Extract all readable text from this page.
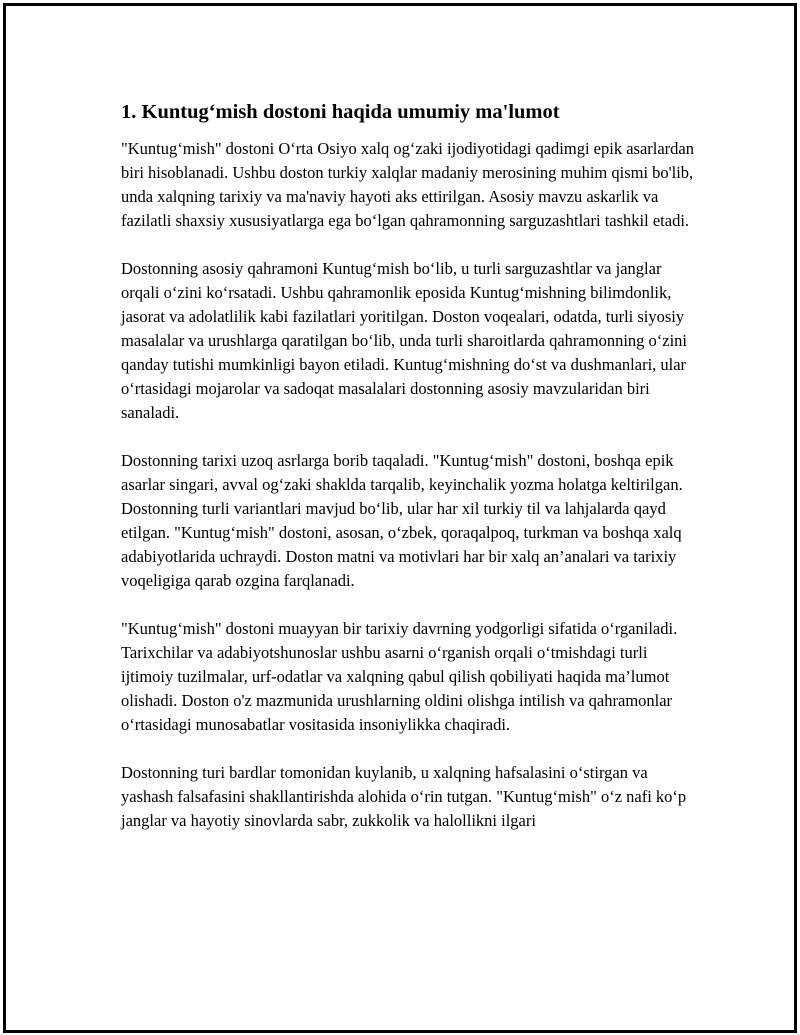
1. Kuntug‘mish dostoni haqida umumiy ma'lumot

"Kuntug‘mish" dostoni O‘rta Osiyo xalq og‘zaki ijodiyotidagi qadimgi epik asarlardan biri hisoblanadi. Ushbu doston turkiy xalqlar madaniy merosining muhim qismi bo'lib, unda xalqning tarixiy va ma'naviy hayoti aks ettirilgan. Asosiy mavzu askarlik va fazilatli shaxsiy xususiyatlarga ega bo‘lgan qahramonning sarguzashtlari tashkil etadi.

Dostonning asosiy qahramoni Kuntug‘mish bo‘lib, u turli sarguzashtlar va janglar orqali o‘zini ko‘rsatadi. Ushbu qahramonlik eposida Kuntug‘mishning bilimdonlik, jasorat va adolatlilik kabi fazilatlari yoritilgan. Doston voqealari, odatda, turli siyosiy masalalar va urushlarga qaratilgan bo‘lib, unda turli sharoitlarda qahramonning o‘zini qanday tutishi mumkinligi bayon etiladi. Kuntug‘mishning do‘st va dushmanlari, ular o‘rtasidagi mojarolar va sadoqat masalalari dostonning asosiy mavzularidan biri sanaladi.

Dostonning tarixi uzoq asrlarga borib taqaladi. "Kuntug‘mish" dostoni, boshqa epik asarlar singari, avval og‘zaki shaklda tarqalib, keyinchalik yozma holatga keltirilgan. Dostonning turli variantlari mavjud bo‘lib, ular har xil turkiy til va lahjalarda qayd etilgan. "Kuntug‘mish" dostoni, asosan, o‘zbek, qoraqalpoq, turkman va boshqa xalq adabiyotlarida uchraydi. Doston matni va motivlari har bir xalq an’analari va tarixiy voqeligiga qarab ozgina farqlanadi.

"Kuntug‘mish" dostoni muayyan bir tarixiy davrning yodgorligi sifatida o‘rganiladi. Tarixchilar va adabiyotshunoslar ushbu asarni o‘rganish orqali o‘tmishdagi turli ijtimoiy tuzilmalar, urf-odatlar va xalqning qabul qilish qobiliyati haqida ma’lumot olishadi. Doston o'z mazmunida urushlarning oldini olishga intilish va qahramonlar o‘rtasidagi munosabatlar vositasida insoniylikka chaqiradi.

Dostonning turi bardlar tomonidan kuylanib, u xalqning hafsalasini o‘stirgan va yashash falsafasini shakllantirishda alohida o‘rin tutgan. "Kuntug‘mish" o‘z nafi ko‘p janglar va hayotiy sinovlarda sabr, zukkolik va halollikni ilgari
